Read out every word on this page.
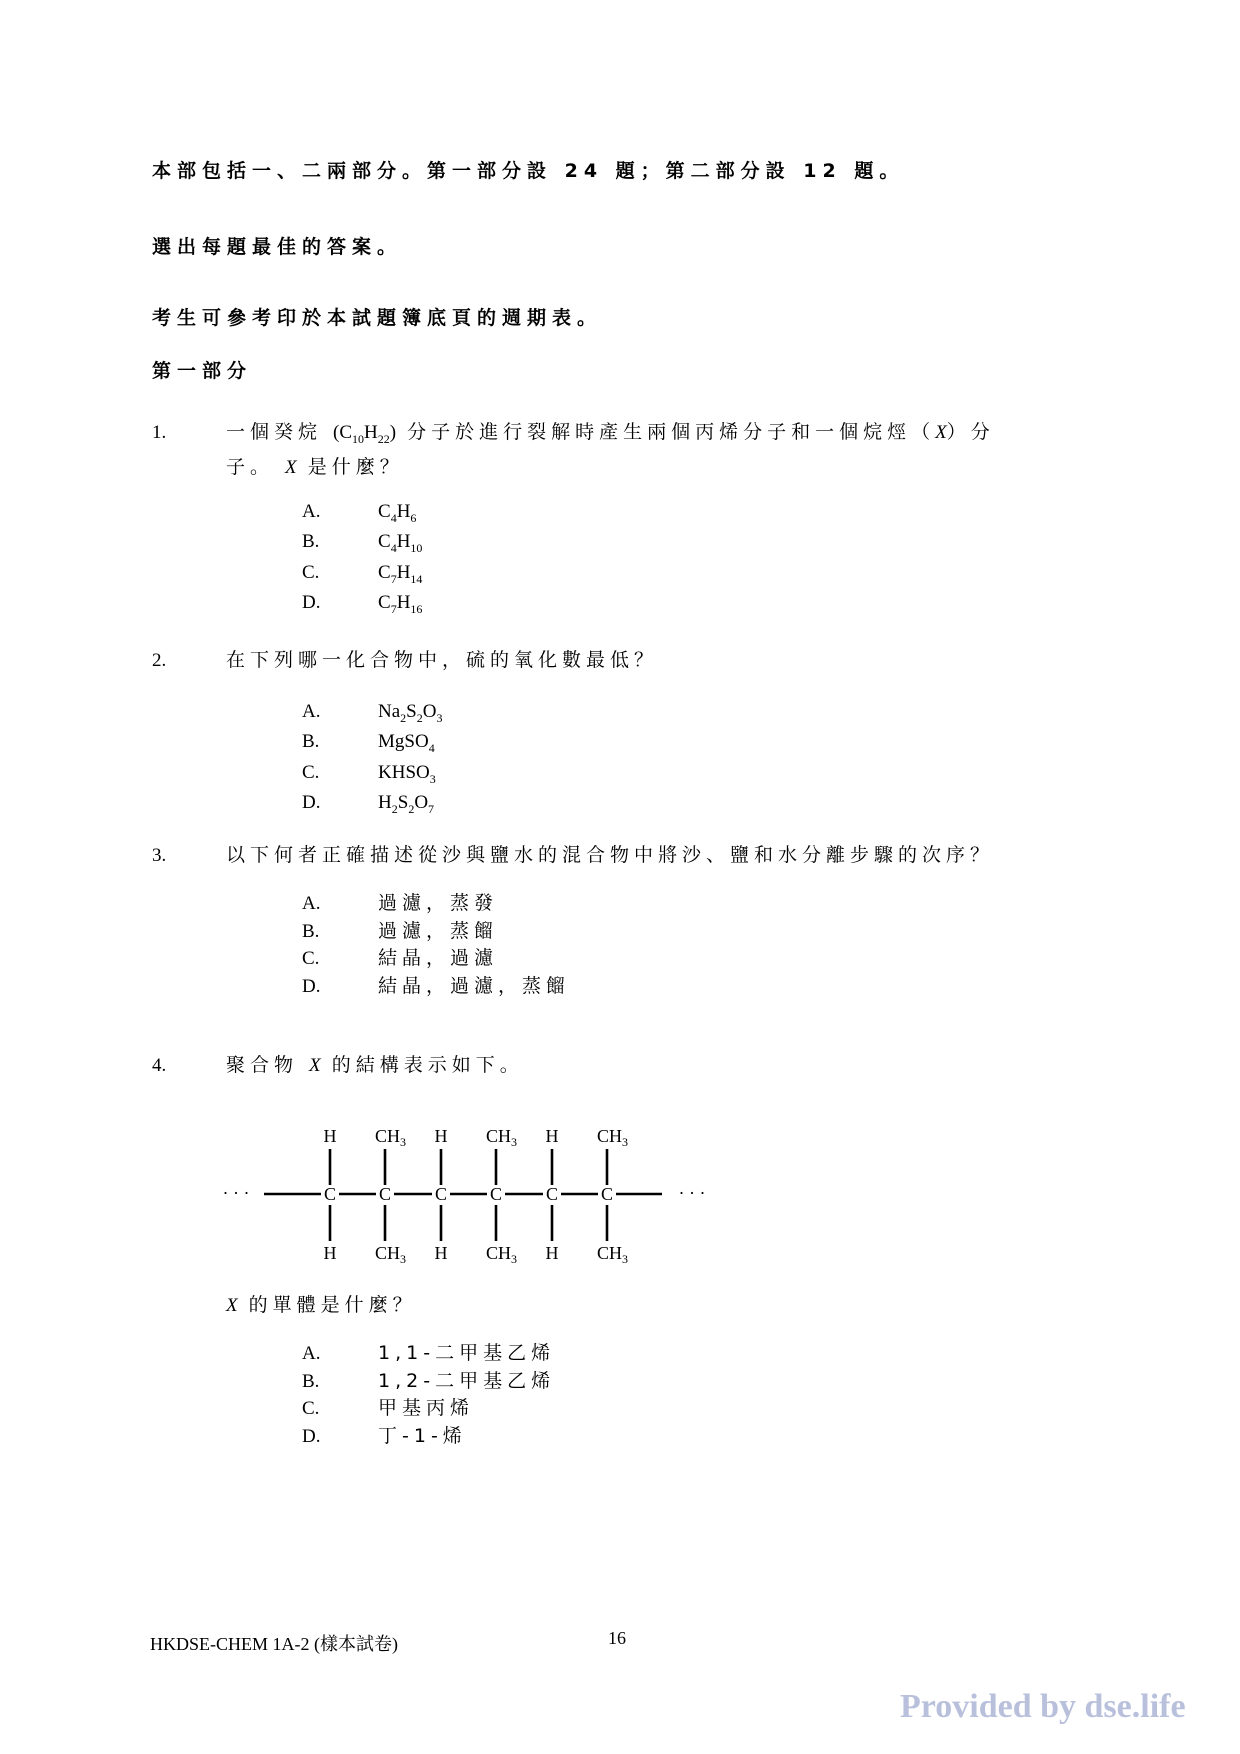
本部包括一、二兩部分。第一部分設 24 題；第二部分設 12 題。
選出每題最佳的答案。
考生可參考印於本試題簿底頁的週期表。
第一部分
1.	一個癸烷 $(C_{10}H_{22})$ 分子於進行裂解時產生兩個丙烯分子和一個烷烴（X）分
子。 X 是什麼？
A.	$C_4H_6$
B.	$C_4H_{10}$
C.	$C_7H_{14}$
D.	$C_7H_{16}$
2.	在下列哪一化合物中，硫的氧化數最低？
A.	$Na_2S_2O_3$
B.	MgSO$_4$
C.	$KHSO_3$
D.	$H_2S_2O_7$
3.	以下何者正確描述從沙與鹽水的混合物中將沙、鹽和水分離步驟的次序？
A.	過濾，蒸發
B.	過濾，蒸餾
C.	結晶，過濾
D.	結晶，過濾，蒸餾
4.	聚合物 X 的結構表示如下。
· · ·	· · ·
C C C C C C
H $CH_3$ H $CH_3$ H $CH_3$
H $CH_3$ H $CH_3$ H $CH_3$
X 的單體是什麼？
A.	1,1-二甲基乙烯
B.	1,2-二甲基乙烯
C.	甲基丙烯
D.	丁-1-烯
HKDSE-CHEM 1A-2 (樣本試卷)	16
Provided by dse.life
